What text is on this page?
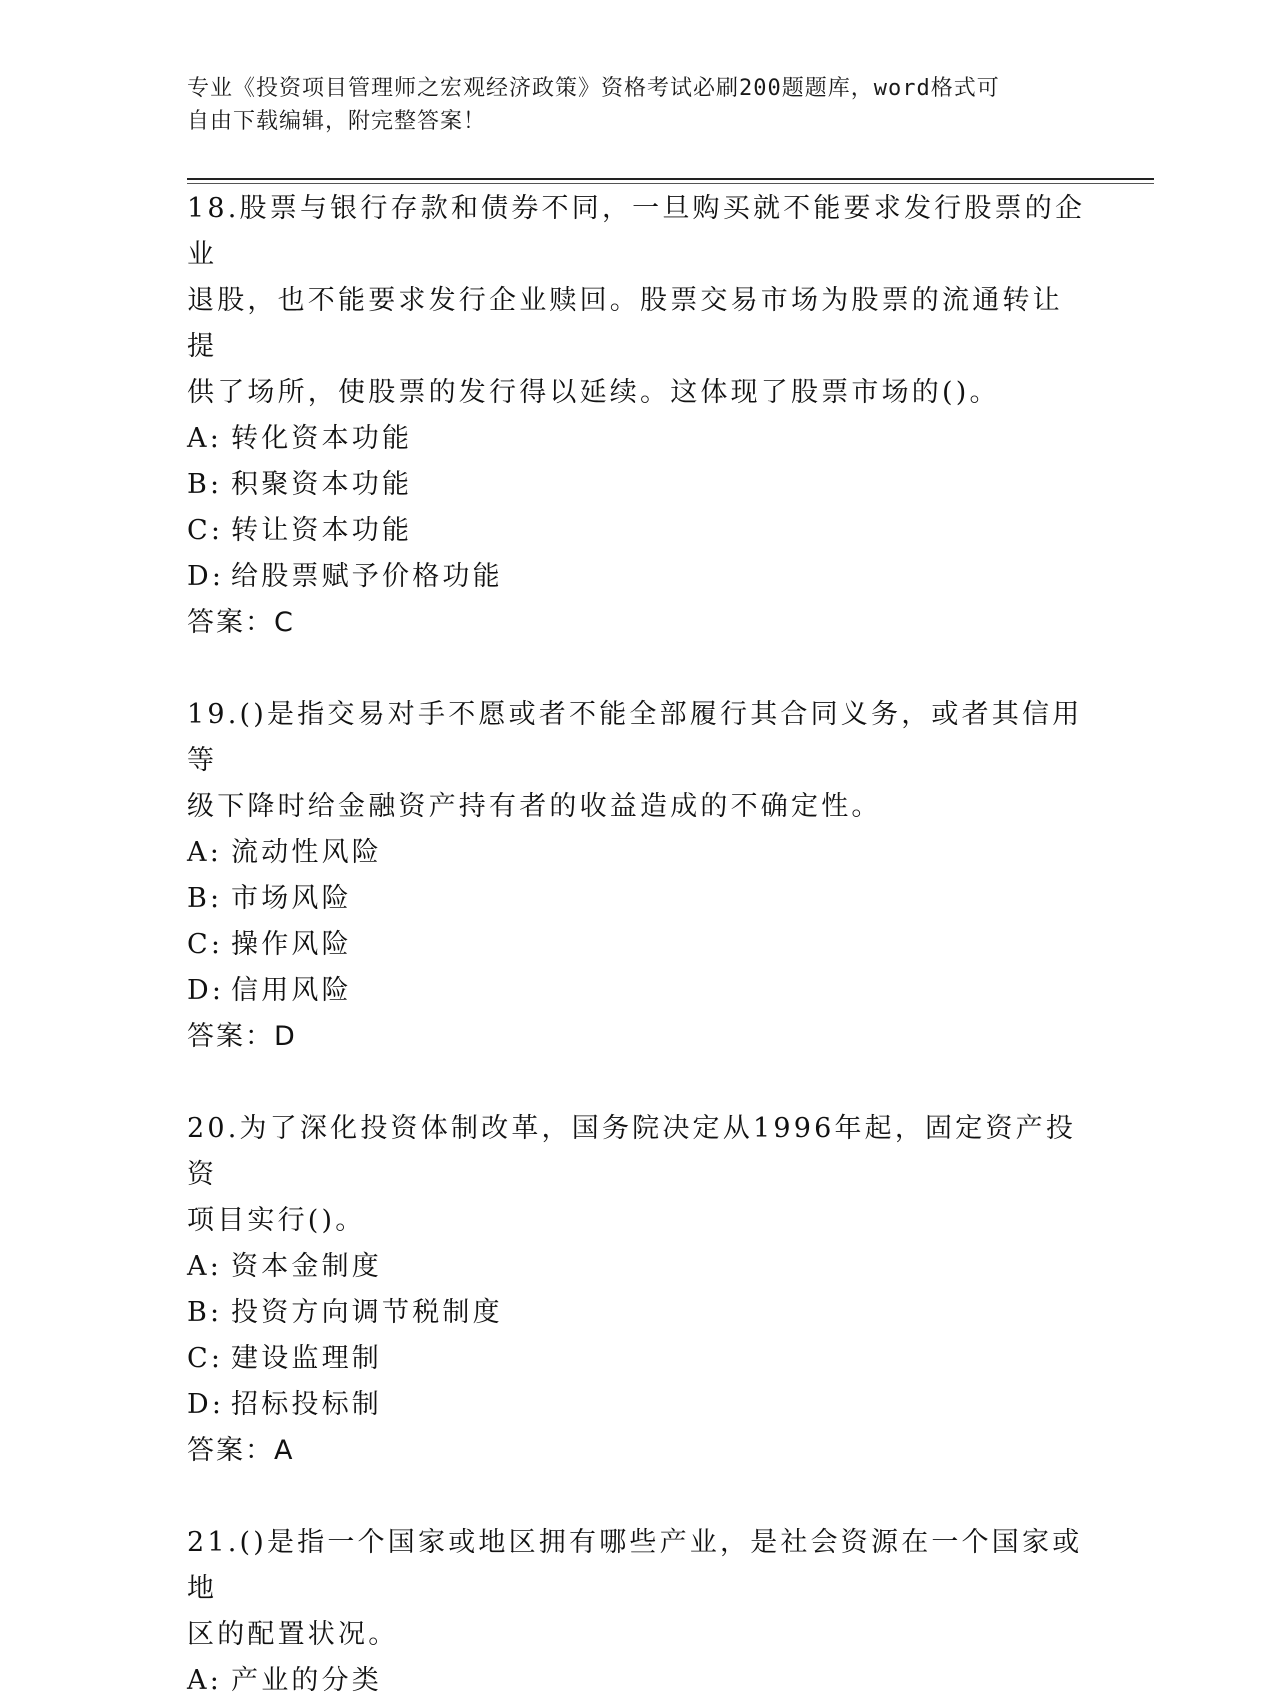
专业《投资项目管理师之宏观经济政策》资格考试必刷200题题库，word格式可
自由下载编辑，附完整答案！

18.股票与银行存款和债券不同，一旦购买就不能要求发行股票的企业

退股，也不能要求发行企业赎回。股票交易市场为股票的流通转让提

供了场所，使股票的发行得以延续。这体现了股票市场的()。

A: 转化资本功能

B: 积聚资本功能

C: 转让资本功能

D: 给股票赋予价格功能

答案：C

19.()是指交易对手不愿或者不能全部履行其合同义务，或者其信用等

级下降时给金融资产持有者的收益造成的不确定性。

A: 流动性风险

B: 市场风险

C: 操作风险

D: 信用风险

答案：D

20.为了深化投资体制改革，国务院决定从1996年起，固定资产投资

项目实行()。

A: 资本金制度

B: 投资方向调节税制度

C: 建设监理制

D: 招标投标制

答案：A

21.()是指一个国家或地区拥有哪些产业，是社会资源在一个国家或地

区的配置状况。

A: 产业的分类
